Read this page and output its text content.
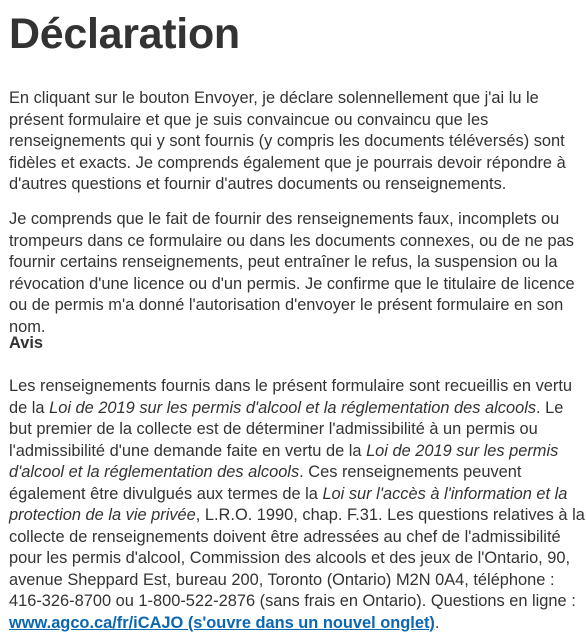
Déclaration

En cliquant sur le bouton Envoyer, je déclare solennellement que j'ai lu le présent formulaire et que je suis convaincue ou convaincu que les renseignements qui y sont fournis (y compris les documents téléversés) sont fidèles et exacts. Je comprends également que je pourrais devoir répondre à d'autres questions et fournir d'autres documents ou renseignements.

Je comprends que le fait de fournir des renseignements faux, incomplets ou trompeurs dans ce formulaire ou dans les documents connexes, ou de ne pas fournir certains renseignements, peut entraîner le refus, la suspension ou la révocation d'une licence ou d'un permis. Je confirme que le titulaire de licence ou de permis m'a donné l'autorisation d'envoyer le présent formulaire en son nom.

Avis

Les renseignements fournis dans le présent formulaire sont recueillis en vertu de la Loi de 2019 sur les permis d'alcool et la réglementation des alcools. Le but premier de la collecte est de déterminer l'admissibilité à un permis ou l'admissibilité d'une demande faite en vertu de la Loi de 2019 sur les permis d'alcool et la réglementation des alcools. Ces renseignements peuvent également être divulgués aux termes de la Loi sur l'accès à l'information et la protection de la vie privée, L.R.O. 1990, chap. F.31. Les questions relatives à la collecte de renseignements doivent être adressées au chef de l'admissibilité pour les permis d'alcool, Commission des alcools et des jeux de l'Ontario, 90, avenue Sheppard Est, bureau 200, Toronto (Ontario) M2N 0A4, téléphone : 416-326-8700 ou 1-800-522-2876 (sans frais en Ontario). Questions en ligne : www.agco.ca/fr/iCAJO (s'ouvre dans un nouvel onglet).
